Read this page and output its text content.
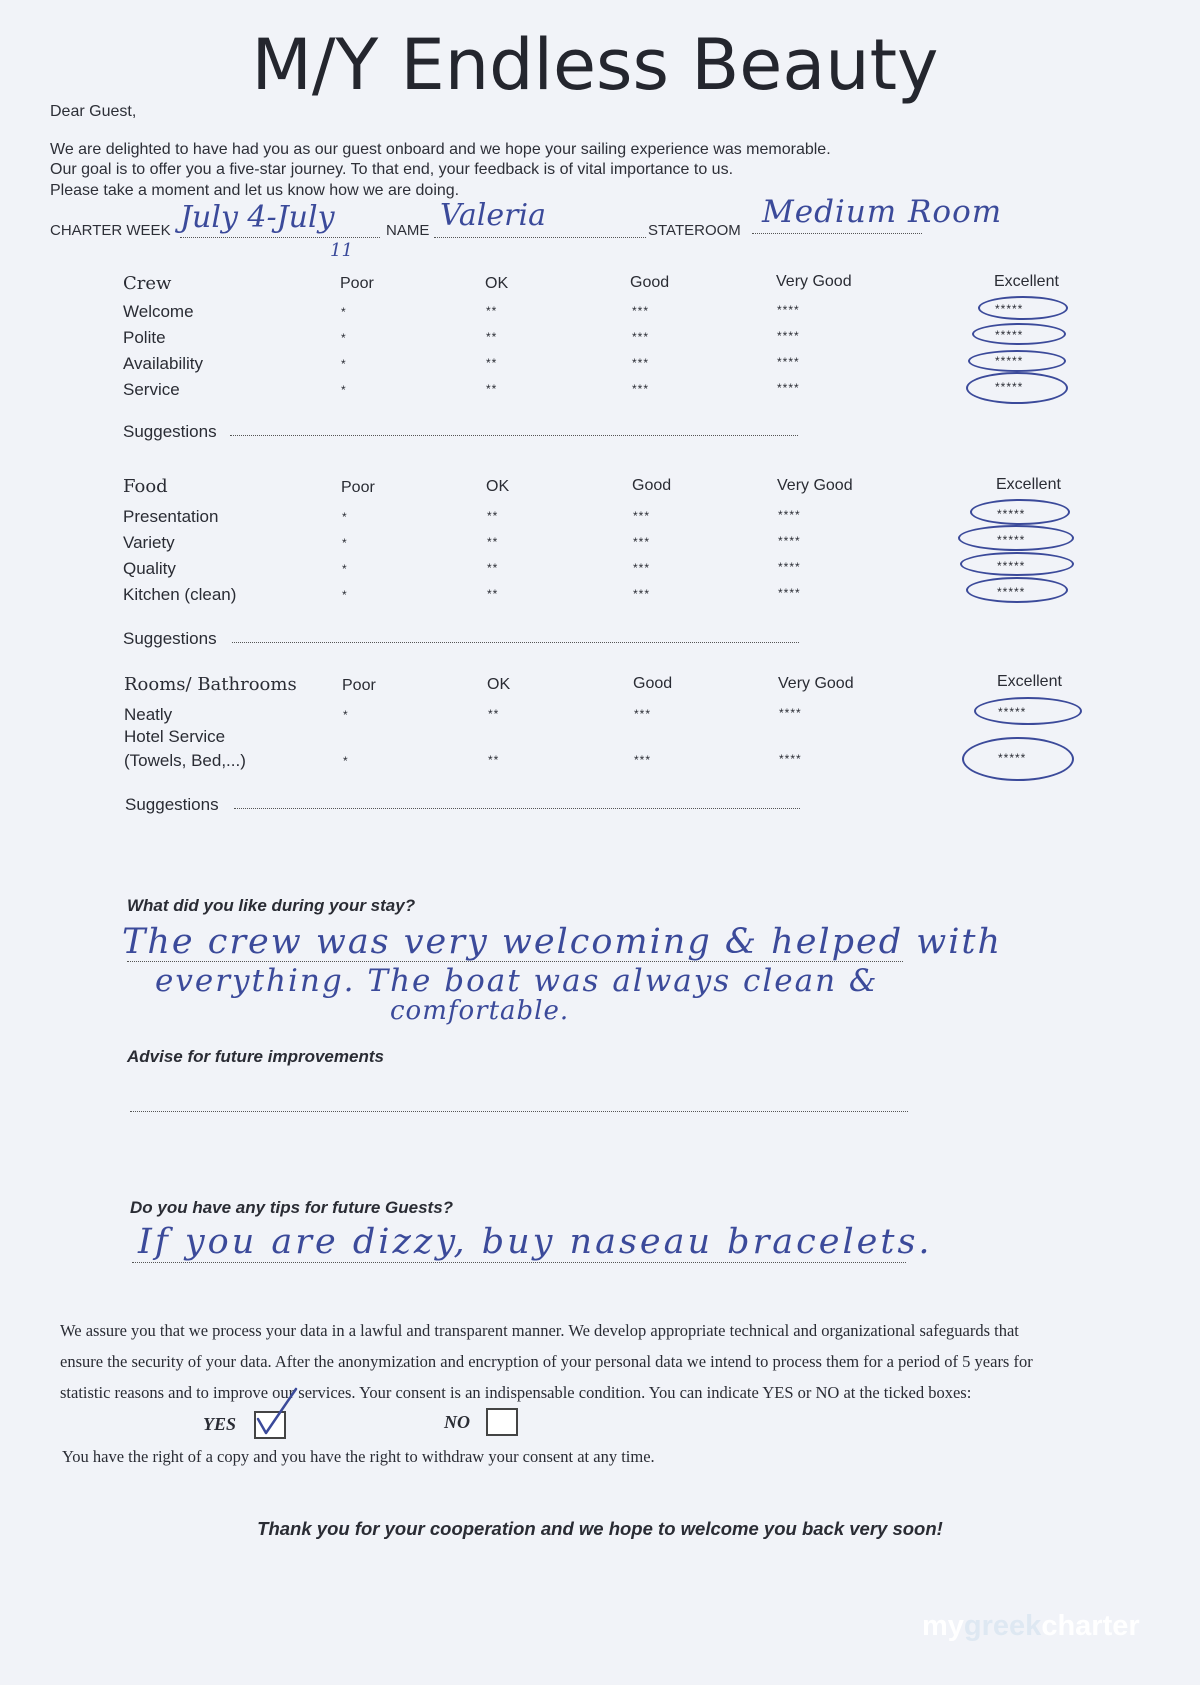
M/Y Endless Beauty
Dear Guest,
We are delighted to have had you as our guest onboard and we hope your sailing experience was memorable.
Our goal is to offer you a five-star journey. To that end, your feedback is of vital importance to us.
Please take a moment and let us know how we are doing.
CHARTER WEEK July 4-July
11
NAME Valeria	STATEROOM
Medium Room
Crew	Poor	OK	Good	Very Good	Excellent
Welcome	*	**	***	****	*****
Polite	*	**	***	****	*****
Availability	*	**	***	****	*****
Service	*	**	***	****	*****
Suggestions
Food	Poor	OK	Good	Very Good	Excellent
Presentation	*	**	***	****	*****
Variety	*	**	***	****	*****
Quality	*	**	***	****	*****
Kitchen (clean)	*	**	***	****	*****
Suggestions
Rooms/ Bathrooms	Poor	OK	Good	Very Good	Excellent
Neatly	*	**	***	****	*****
Hotel Service
(Towels, Bed,...)	*	**	***	****	*****
Suggestions
What did you like during your stay?
The crew was very welcoming & helped with
everything. The boat was always clean &
comfortable.
Advise for future improvements
Do you have any tips for future Guests?
If you are dizzy, buy naseau bracelets.
We assure you that we process your data in a lawful and transparent manner. We develop appropriate technical and organizational safeguards that
ensure the security of your data. After the anonymization and encryption of your personal data we intend to process them for a period of 5 years for
statistic reasons and to improve our services. Your consent is an indispensable condition. You can indicate YES or NO at the ticked boxes:
YES	NO
You have the right of a copy and you have the right to withdraw your consent at any time.
Thank you for your cooperation and we hope to welcome you back very soon!
mygreekcharter
